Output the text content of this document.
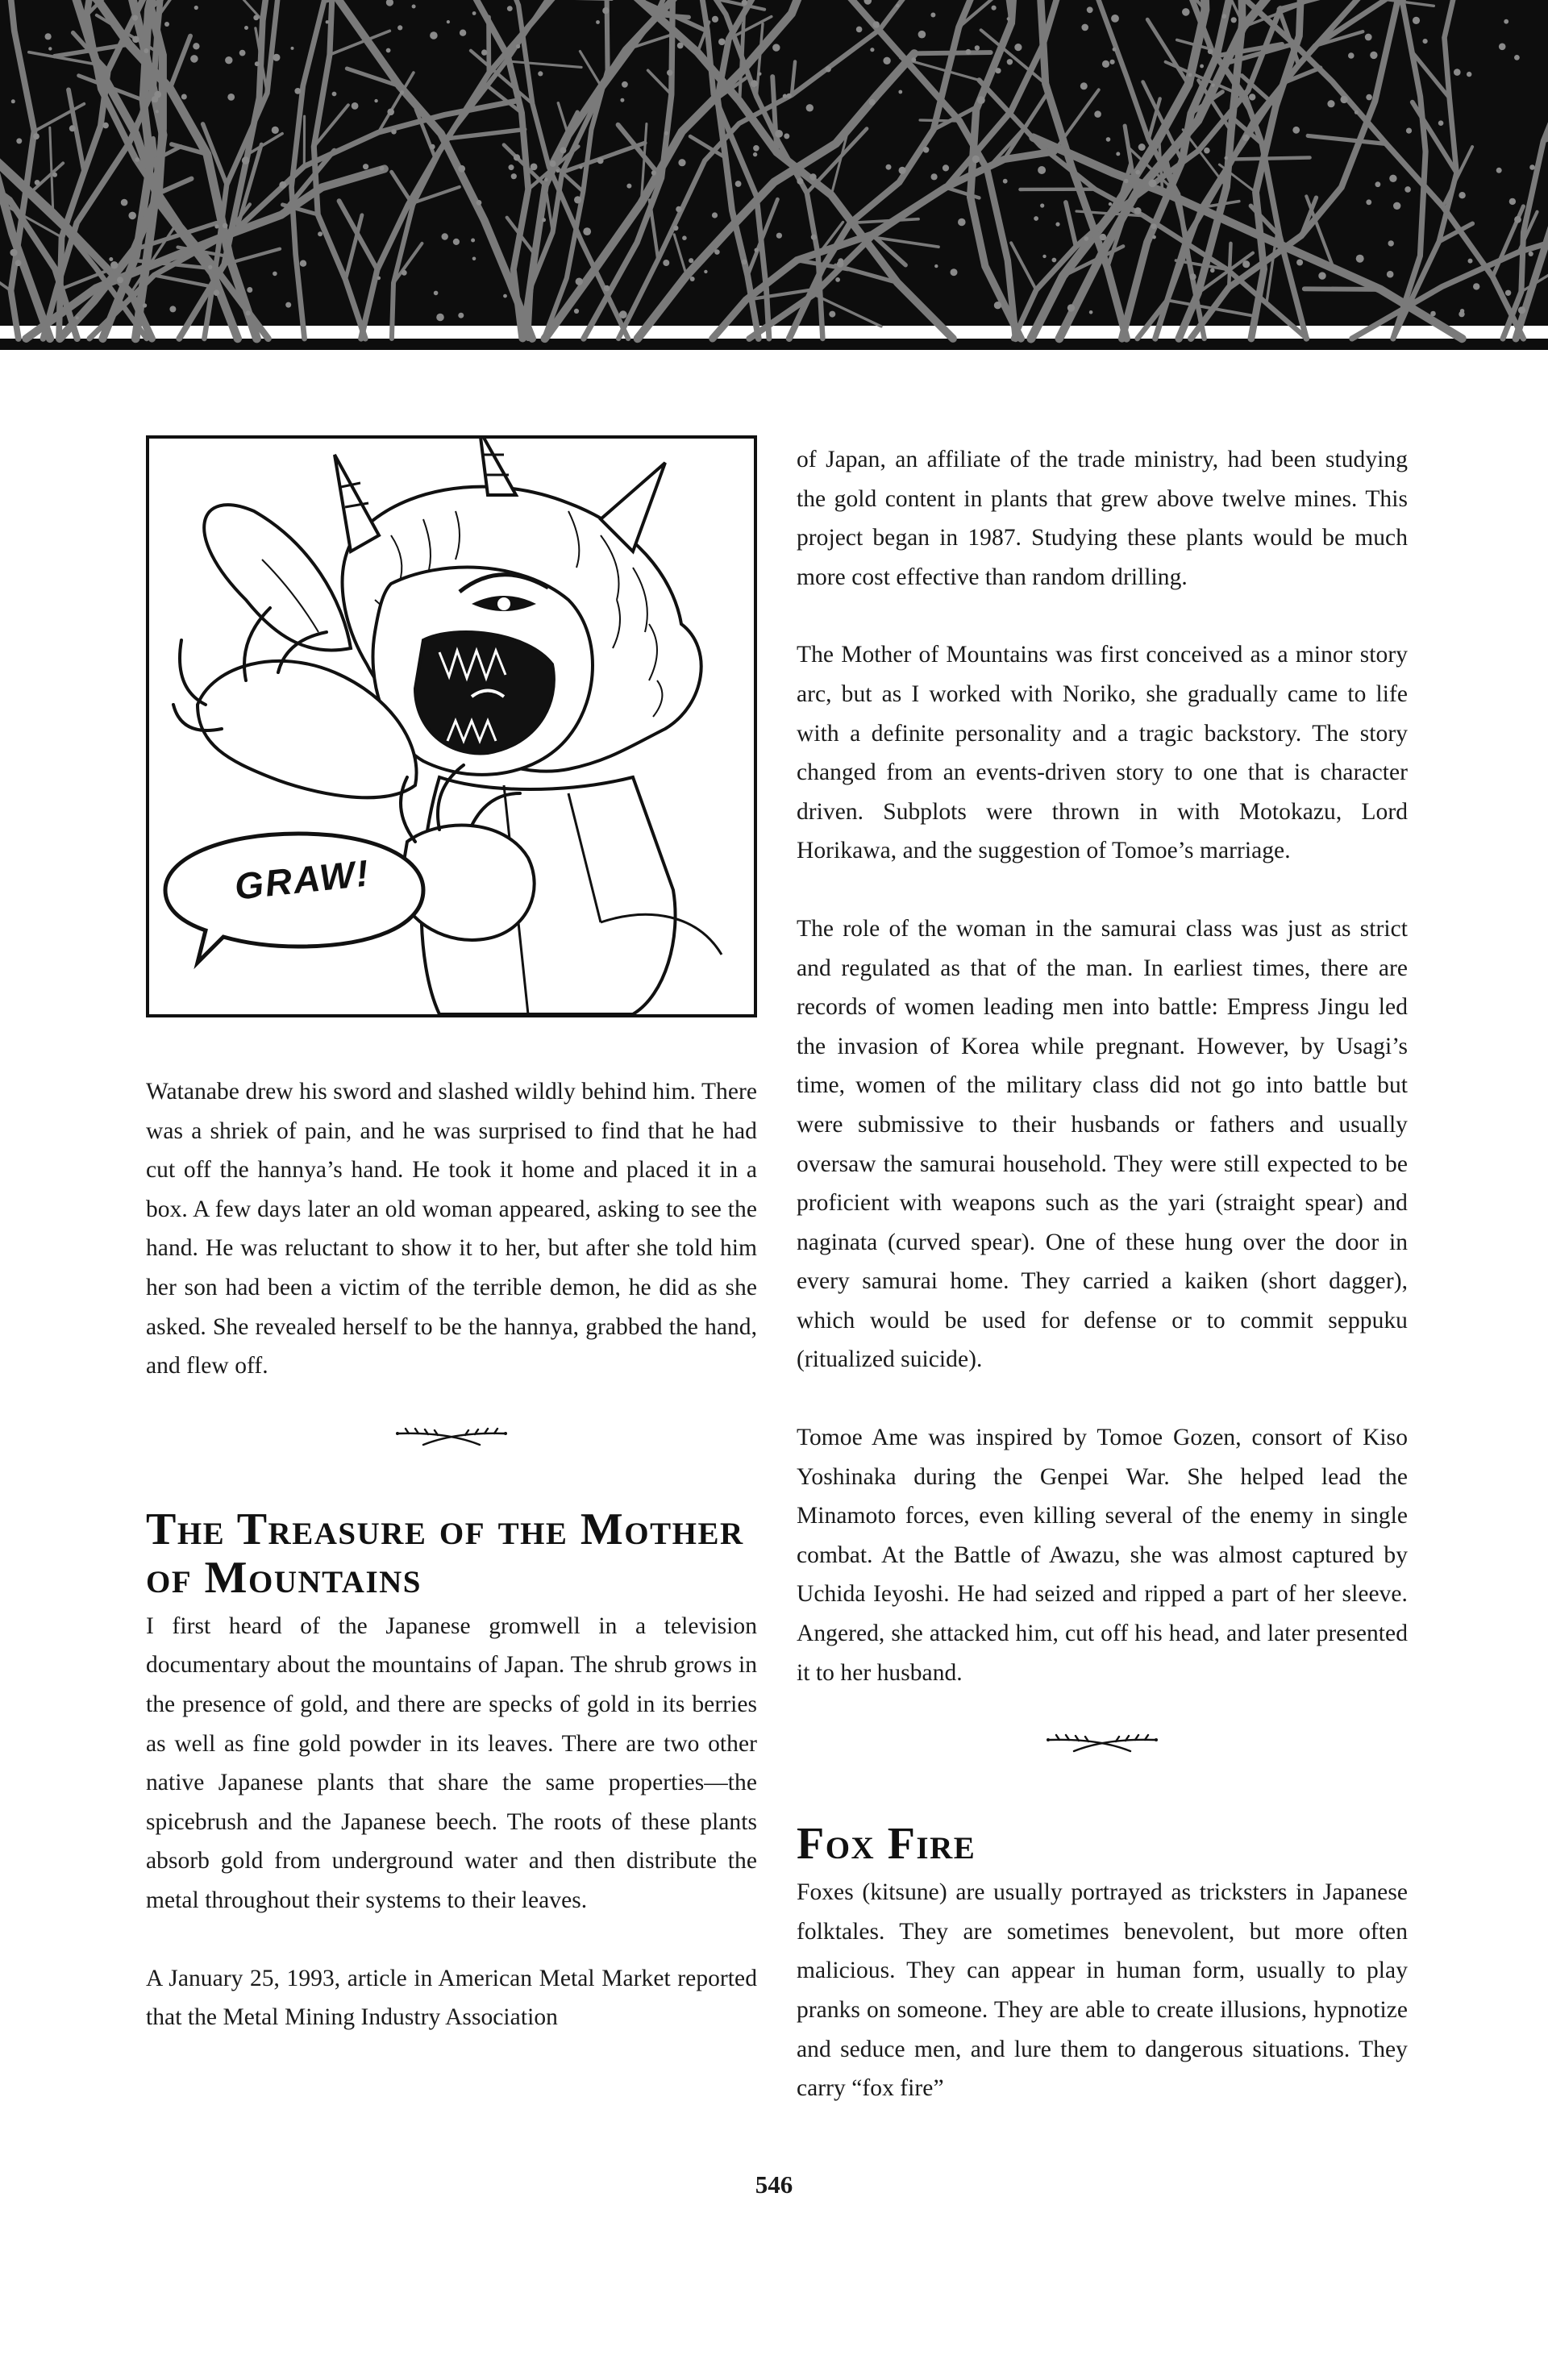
GRAW!

Watanabe drew his sword and slashed wildly behind him. There was a shriek of pain, and he was surprised to find that he had cut off the hannya’s hand. He took it home and placed it in a box. A few days later an old woman appeared, asking to see the hand. He was reluctant to show it to her, but after she told him her son had been a victim of the terrible demon, he did as she asked. She revealed herself to be the hannya, grabbed the hand, and flew off.

The Treasure of the Mother of Mountains

I first heard of the Japanese gromwell in a television documentary about the mountains of Japan. The shrub grows in the presence of gold, and there are specks of gold in its berries as well as fine gold powder in its leaves. There are two other native Japanese plants that share the same properties—the spicebrush and the Japanese beech. The roots of these plants absorb gold from underground water and then distribute the metal throughout their systems to their leaves.

A January 25, 1993, article in American Metal Market reported that the Metal Mining Industry Association

of Japan, an affiliate of the trade ministry, had been studying the gold content in plants that grew above twelve mines. This project began in 1987. Studying these plants would be much more cost effective than random drilling.

The Mother of Mountains was first conceived as a minor story arc, but as I worked with Noriko, she gradually came to life with a definite personality and a tragic backstory. The story changed from an events-driven story to one that is character driven. Subplots were thrown in with Motokazu, Lord Horikawa, and the suggestion of Tomoe’s marriage.

The role of the woman in the samurai class was just as strict and regulated as that of the man. In earliest times, there are records of women leading men into battle: Empress Jingu led the invasion of Korea while pregnant. However, by Usagi’s time, women of the military class did not go into battle but were submissive to their husbands or fathers and usually oversaw the samurai household. They were still expected to be proficient with weapons such as the yari (straight spear) and naginata (curved spear). One of these hung over the door in every samurai home. They carried a kaiken (short dagger), which would be used for defense or to commit seppuku (ritualized suicide).

Tomoe Ame was inspired by Tomoe Gozen, consort of Kiso Yoshinaka during the Genpei War. She helped lead the Minamoto forces, even killing several of the enemy in single combat. At the Battle of Awazu, she was almost captured by Uchida Ieyoshi. He had seized and ripped a part of her sleeve. Angered, she attacked him, cut off his head, and later presented it to her husband.

Fox Fire

Foxes (kitsune) are usually portrayed as tricksters in Japanese folktales. They are sometimes benevolent, but more often malicious. They can appear in human form, usually to play pranks on someone. They are able to create illusions, hypnotize and seduce men, and lure them to dangerous situations. They carry “fox fire”

546
